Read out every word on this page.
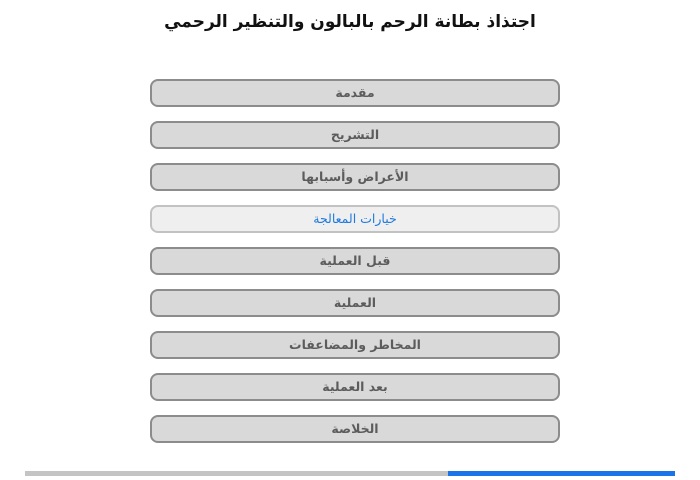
اجتذاذ بطانة الرحم بالبالون والتنظير الرحمي
مقدمة
التشريح
الأعراض وأسبابها
خيارات المعالجة
قبل العملية
العملية
المخاطر والمضاعفات
بعد العملية
الخلاصة
